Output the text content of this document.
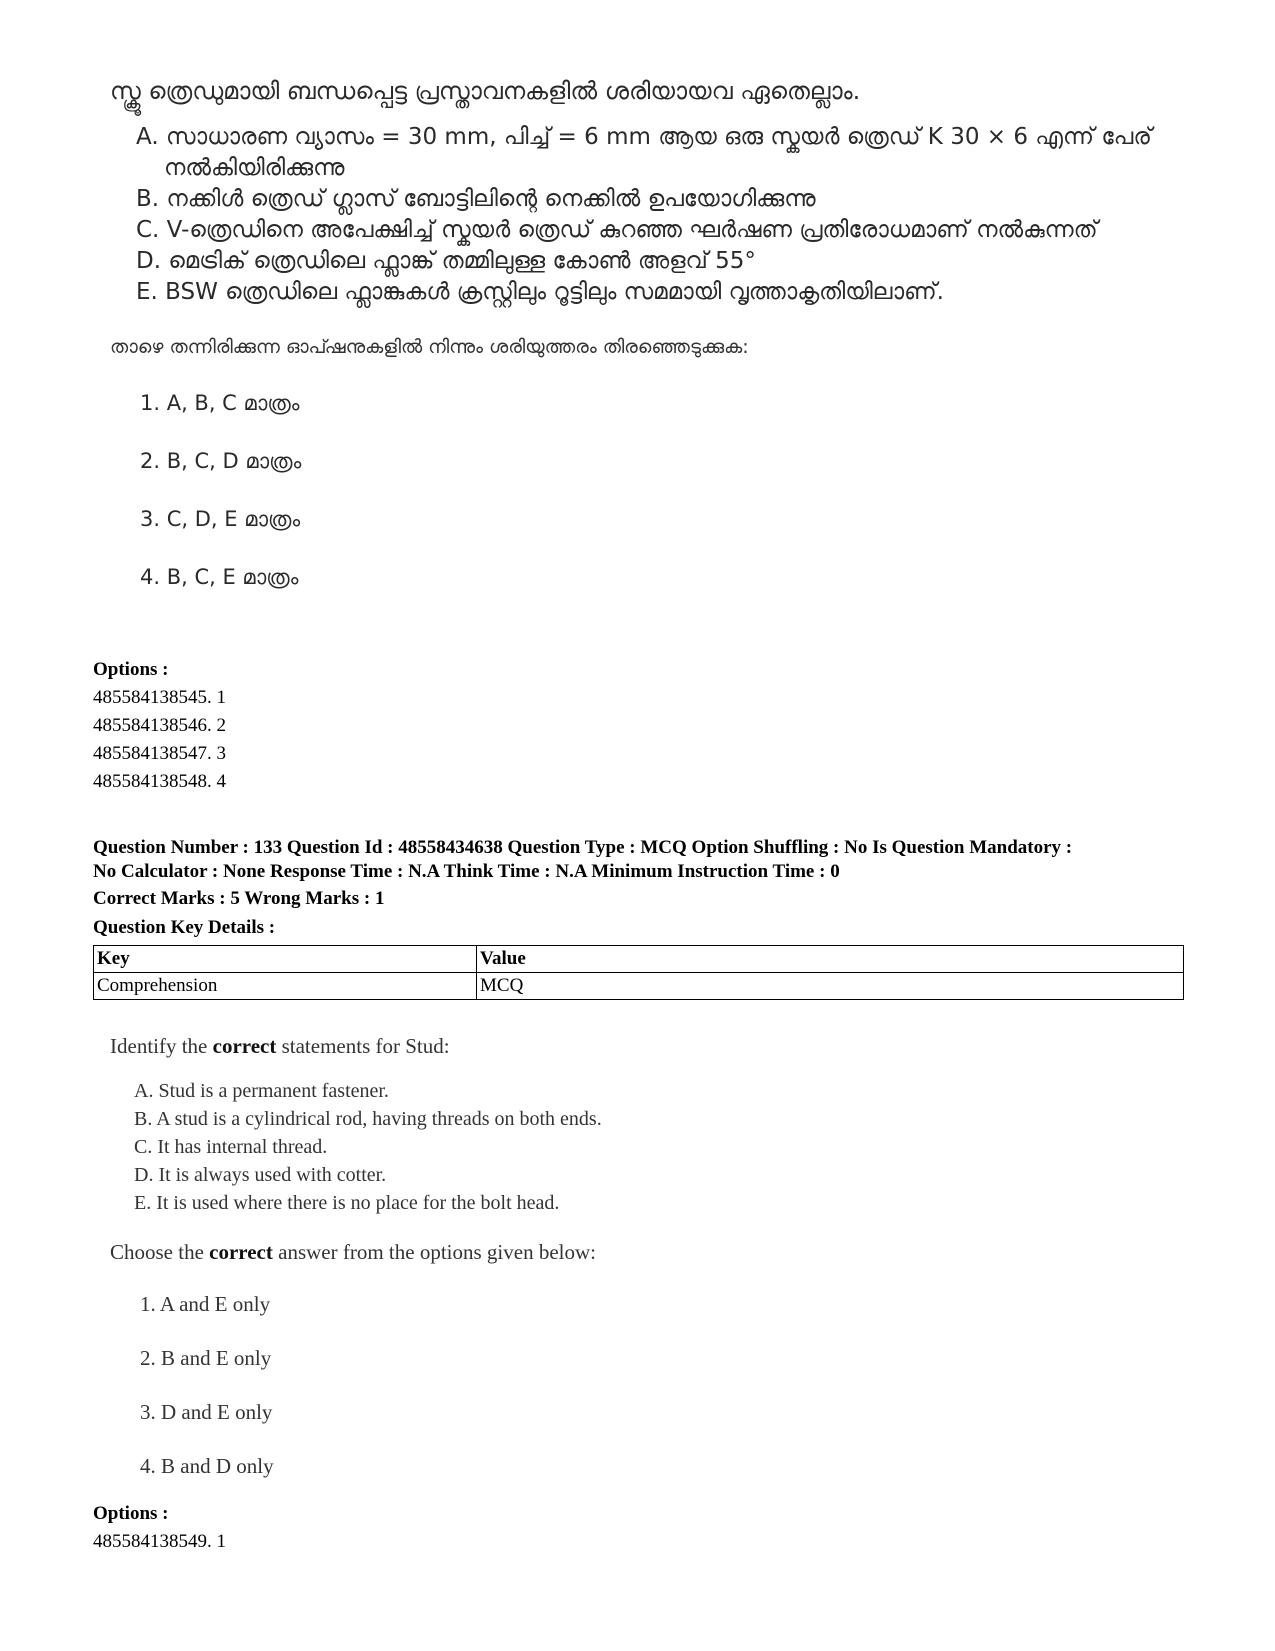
സ്ക്രൂ ത്രെഡുമായി ബന്ധപ്പെട്ട പ്രസ്താവനകളിൽ ശരിയായവ ഏതെല്ലാം.
A. സാധാരണ വ്യാസം = 30 mm, പിച്ച് = 6 mm ആയ ഒരു സ്കയർ ത്രെഡ് K 30 × 6 എന്ന് പേര് നൽകിയിരിക്കുന്നു
B. നക്കിൾ ത്രെഡ് ഗ്ലാസ് ബോട്ടിലിന്റെ നെക്കിൽ ഉപയോഗിക്കുന്നു
C. V-ത്രെഡിനെ അപേക്ഷിച്ച് സ്കയർ ത്രെഡ് കുറഞ്ഞ ഘർഷണ പ്രതിരോധമാണ് നൽകുന്നത്
D. മെട്രിക് ത്രെഡിലെ ഫ്ലാങ്ക് തമ്മിലുള്ള കോൺ അളവ് 55°
E. BSW ത്രെഡിലെ ഫ്ലാങ്കുകൾ ക്രസ്റ്റിലും റൂട്ടിലും സമമായി വൃത്താകൃതിയിലാണ്.
താഴെ തന്നിരിക്കുന്ന ഓപ്ഷനുകളിൽ നിന്നും ശരിയുത്തരം തിരഞ്ഞെടുക്കുക:
1. A, B, C മാത്രം
2. B, C, D മാത്രം
3. C, D, E മാത്രം
4. B, C, E മാത്രം
Options :
485584138545. 1
485584138546. 2
485584138547. 3
485584138548. 4
Question Number : 133 Question Id : 48558434638 Question Type : MCQ Option Shuffling : No Is Question Mandatory :
No Calculator : None Response Time : N.A Think Time : N.A Minimum Instruction Time : 0
Correct Marks : 5 Wrong Marks : 1
Question Key Details :
Key	Value
Comprehension	MCQ
Identify the correct statements for Stud:
A. Stud is a permanent fastener.
B. A stud is a cylindrical rod, having threads on both ends.
C. It has internal thread.
D. It is always used with cotter.
E. It is used where there is no place for the bolt head.
Choose the correct answer from the options given below:
1. A and E only
2. B and E only
3. D and E only
4. B and D only
Options :
485584138549. 1
